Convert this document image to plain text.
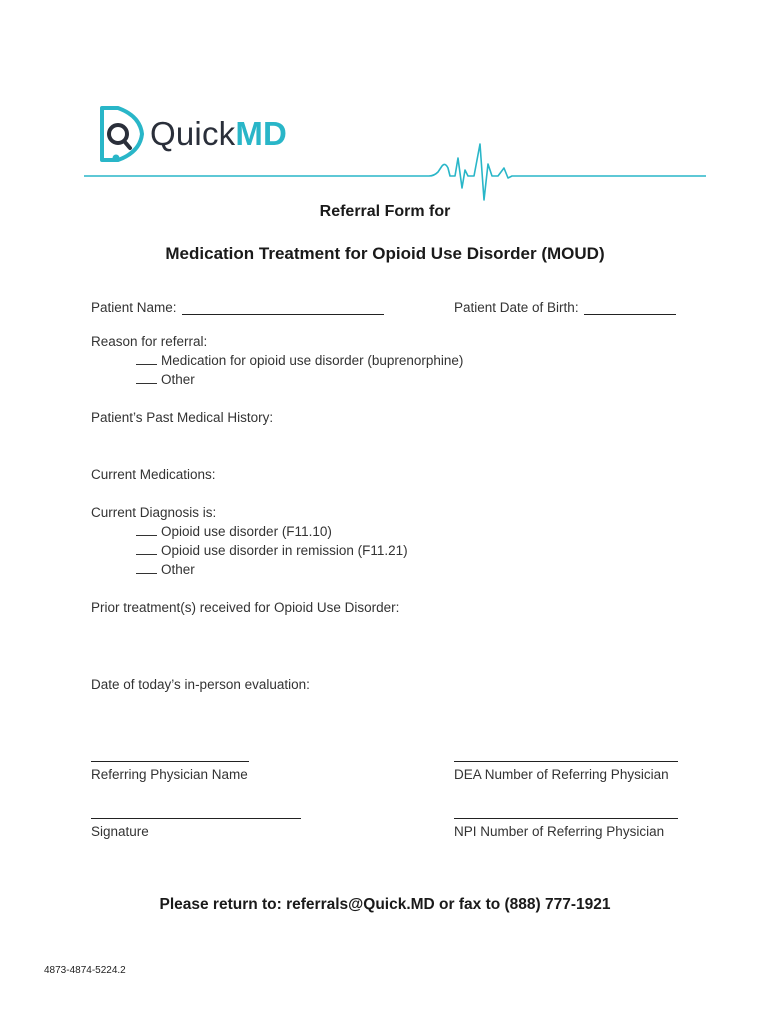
QuickMD
Referral Form for
Medication Treatment for Opioid Use Disorder (MOUD)
Patient Name:	Patient Date of Birth:
Reason for referral:
Medication for opioid use disorder (buprenorphine)
Other
Patient’s Past Medical History:
Current Medications:
Current Diagnosis is:
Opioid use disorder (F11.10)
Opioid use disorder in remission (F11.21)
Other
Prior treatment(s) received for Opioid Use Disorder:
Date of today’s in-person evaluation:
Referring Physician Name	DEA Number of Referring Physician
Signature	NPI Number of Referring Physician
Please return to: referrals@Quick.MD or fax to (888) 777-1921
4873-4874-5224.2
